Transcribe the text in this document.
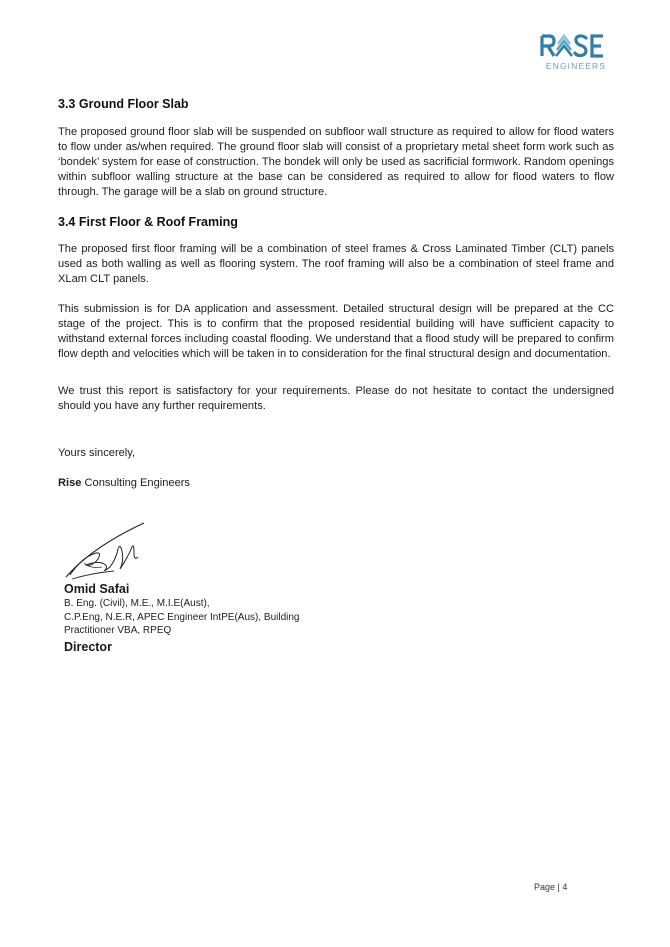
ENGINEERS
3.3 Ground Floor Slab

The proposed ground floor slab will be suspended on subfloor wall structure as required to allow for flood waters to flow under as/when required. The ground floor slab will consist of a proprietary metal sheet form work such as ‘bondek’ system for ease of construction. The bondek will only be used as sacrificial formwork. Random openings within subfloor walling structure at the base can be considered as required to allow for flood waters to flow through. The garage will be a slab on ground structure.

3.4 First Floor & Roof Framing

The proposed first floor framing will be a combination of steel frames & Cross Laminated Timber (CLT) panels used as both walling as well as flooring system. The roof framing will also be a combination of steel frame and XLam CLT panels.

This submission is for DA application and assessment. Detailed structural design will be prepared at the CC stage of the project. This is to confirm that the proposed residential building will have sufficient capacity to withstand external forces including coastal flooding. We understand that a flood study will be prepared to confirm flow depth and velocities which will be taken in to consideration for the final structural design and documentation.

We trust this report is satisfactory for your requirements. Please do not hesitate to contact the undersigned should you have any further requirements.

Yours sincerely,

Rise Consulting Engineers

Omid Safai
B. Eng. (Civil), M.E., M.I.E(Aust),
C.P.Eng, N.E.R, APEC Engineer IntPE(Aus), Building
Practitioner VBA, RPEQ
Director
Page | 4
